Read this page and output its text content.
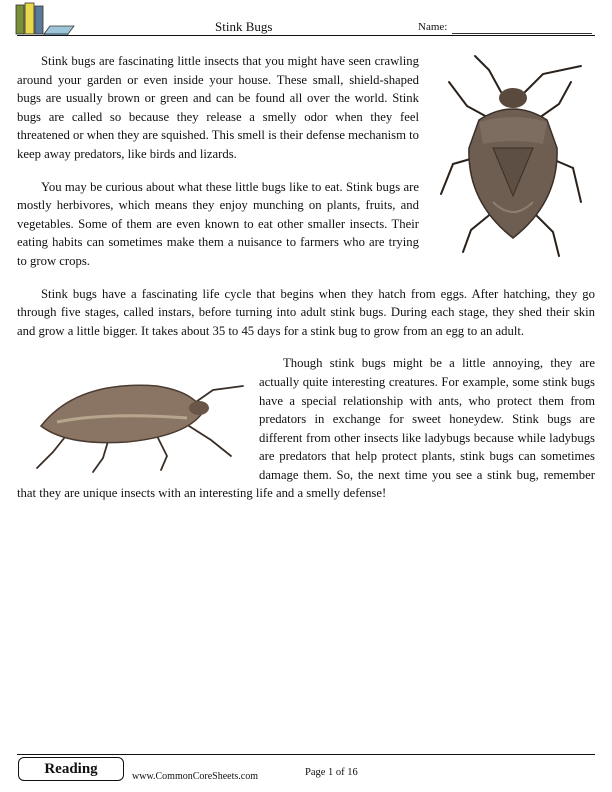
Stink Bugs	Name:

Stink bugs are fascinating little insects that you might have seen crawling around your garden or even inside your house. These small, shield-shaped bugs are usually brown or green and can be found all over the world. Stink bugs are called so because they release a smelly odor when they feel threatened or when they are squished. This smell is their defense mechanism to keep away predators, like birds and lizards.

You may be curious about what these little bugs like to eat. Stink bugs are mostly herbivores, which means they enjoy munching on plants, fruits, and vegetables. Some of them are even known to eat other smaller insects. Their eating habits can sometimes make them a nuisance to farmers who are trying to grow crops.

Stink bugs have a fascinating life cycle that begins when they hatch from eggs. After hatching, they go through five stages, called instars, before turning into adult stink bugs. During each stage, they shed their skin and grow a little bigger. It takes about 35 to 45 days for a stink bug to grow from an egg to an adult.

Though stink bugs might be a little annoying, they are actually quite interesting creatures. For example, some stink bugs have a special relationship with ants, who protect them from predators in exchange for sweet honeydew. Stink bugs are different from other insects like ladybugs because while ladybugs are predators that help protect plants, stink bugs can sometimes damage them. So, the next time you see a stink bug, remember that they are unique insects with an interesting life and a smelly defense!

Reading	www.CommonCoreSheets.com	Page 1 of 16
